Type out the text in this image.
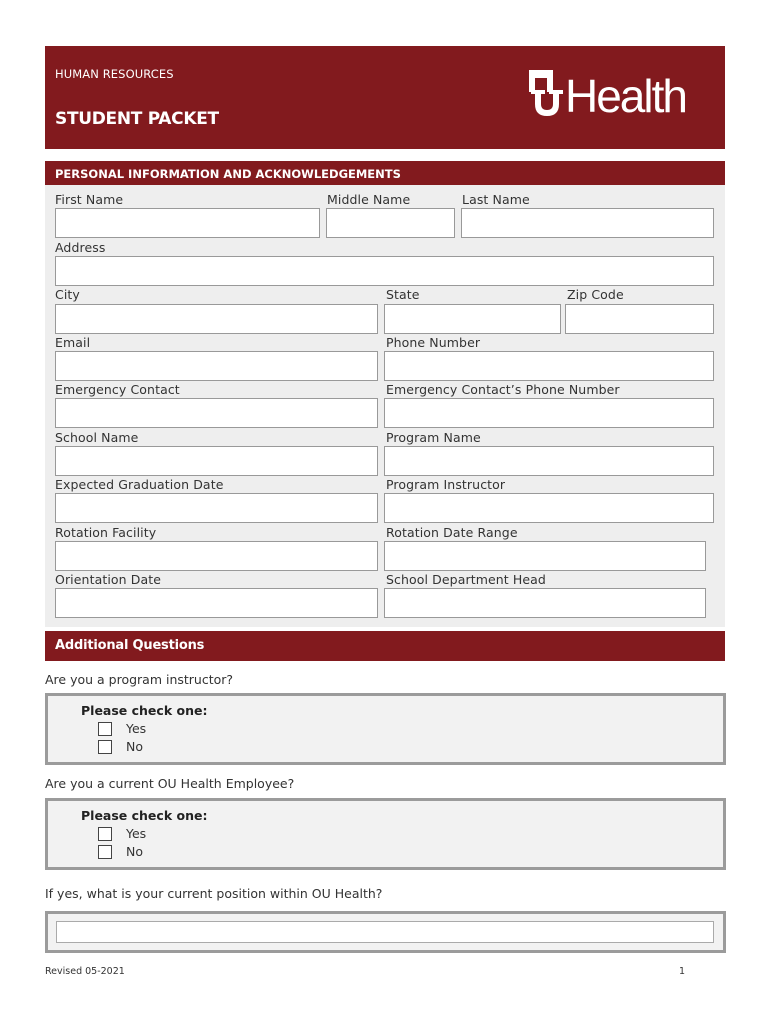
HUMAN RESOURCES
STUDENT PACKET	Health
PERSONAL INFORMATION AND ACKNOWLEDGEMENTS
First Name	Middle Name	Last Name
Address
City	State	Zip Code
Email	Phone Number
Emergency Contact	Emergency Contact’s Phone Number
School Name	Program Name
Expected Graduation Date	Program Instructor
Rotation Facility	Rotation Date Range
Orientation Date	School Department Head
Additional Questions
Are you a program instructor?
Please check one:
Yes
No
Are you a current OU Health Employee?
Please check one:
Yes
No
If yes, what is your current position within OU Health?
Revised 05-2021	1
